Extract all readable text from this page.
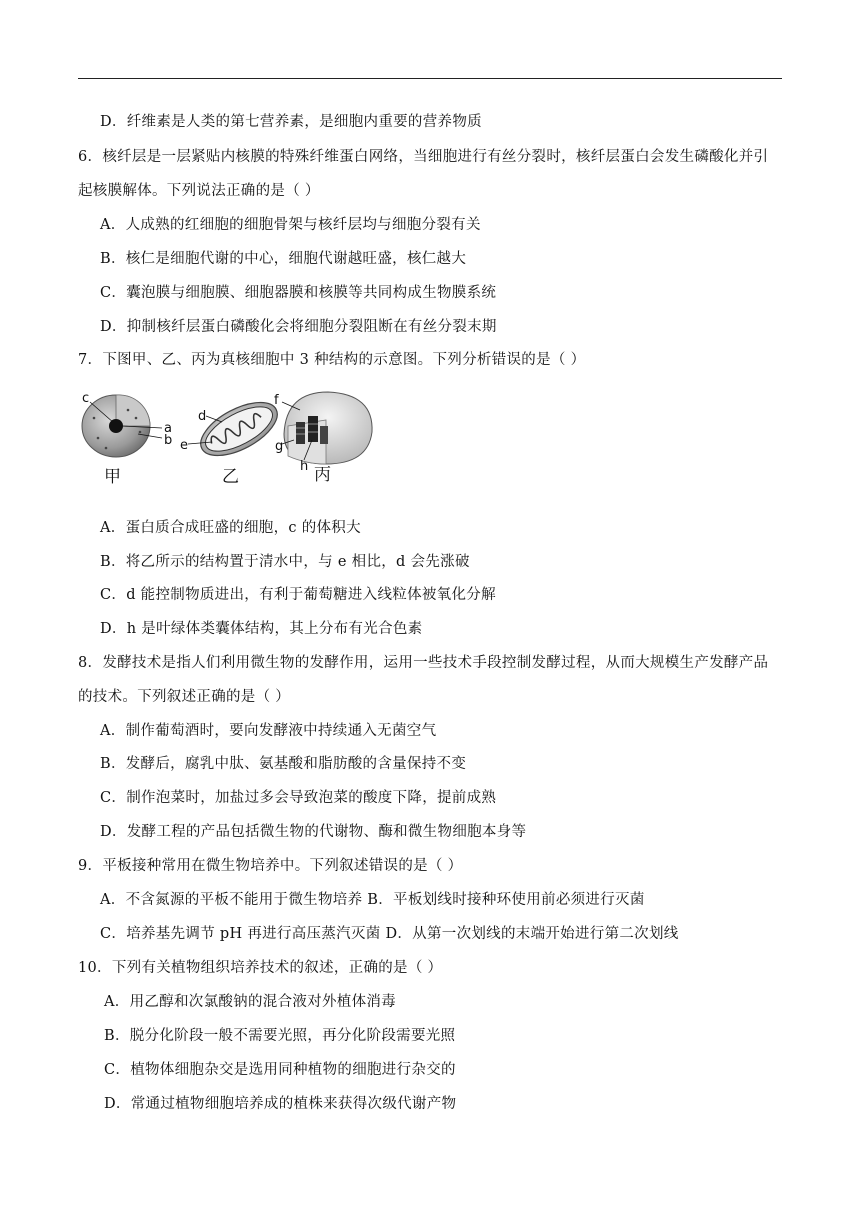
D．纤维素是人类的第七营养素，是细胞内重要的营养物质
6．核纤层是一层紧贴内核膜的特殊纤维蛋白网络，当细胞进行有丝分裂时，核纤层蛋白会发生磷酸化并引
起核膜解体。下列说法正确的是（ ）
A．人成熟的红细胞的细胞骨架与核纤层均与细胞分裂有关
B．核仁是细胞代谢的中心，细胞代谢越旺盛，核仁越大
C．囊泡膜与细胞膜、细胞器膜和核膜等共同构成生物膜系统
D．抑制核纤层蛋白磷酸化会将细胞分裂阻断在有丝分裂末期
7．下图甲、乙、丙为真核细胞中 3 种结构的示意图。下列分析错误的是（ ）
c
a
b
甲
d
e
乙
f
g
h 丙
A．蛋白质合成旺盛的细胞，c 的体积大
B．将乙所示的结构置于清水中，与 e 相比，d 会先涨破
C．d 能控制物质进出，有利于葡萄糖进入线粒体被氧化分解
D．h 是叶绿体类囊体结构，其上分布有光合色素
8．发酵技术是指人们利用微生物的发酵作用，运用一些技术手段控制发酵过程，从而大规模生产发酵产品
的技术。下列叙述正确的是（ ）
A．制作葡萄酒时，要向发酵液中持续通入无菌空气
B．发酵后，腐乳中肽、氨基酸和脂肪酸的含量保持不变
C．制作泡菜时，加盐过多会导致泡菜的酸度下降，提前成熟
D．发酵工程的产品包括微生物的代谢物、酶和微生物细胞本身等
9．平板接种常用在微生物培养中。下列叙述错误的是（ ）
A．不含氮源的平板不能用于微生物培养 B．平板划线时接种环使用前必须进行灭菌
C．培养基先调节 pH 再进行高压蒸汽灭菌 D．从第一次划线的末端开始进行第二次划线
10．下列有关植物组织培养技术的叙述，正确的是（ ）
A．用乙醇和次氯酸钠的混合液对外植体消毒
B．脱分化阶段一般不需要光照，再分化阶段需要光照
C．植物体细胞杂交是选用同种植物的细胞进行杂交的
D．常通过植物细胞培养成的植株来获得次级代谢产物
